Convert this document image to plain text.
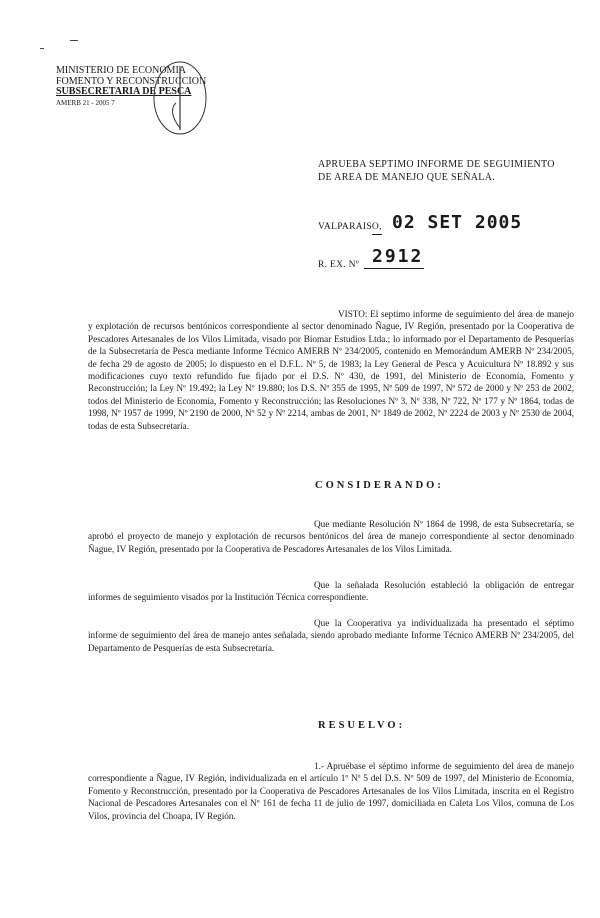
MINISTERIO DE ECONOMIA
FOMENTO Y RECONSTRUCCION
SUBSECRETARIA DE PESCA
AMERB 21 - 2005 7
APRUEBA SEPTIMO INFORME DE SEGUIMIENTO
DE AREA DE MANEJO QUE SEÑALA.
VALPARAISO, 02 SET 2005
R. EX. Nº 2912
VISTO: El septimo informe de seguimiento del área de manejo y explotación de recursos bentónicos correspondiente al sector denominado Ñague, IV Región, presentado por la Cooperativa de Pescadores Artesanales de los Vilos Limitada, visado por Biomar Estudios Ltda.; lo informado por el Departamento de Pesquerías de la Subsecretaría de Pesca mediante Informe Técnico AMERB Nº 234/2005, contenido en Memorándum AMERB Nº 234/2005, de fecha 29 de agosto de 2005; lo dispuesto en el D.F.L. Nº 5, de 1983; la Ley General de Pesca y Acuicultura Nº 18.892 y sus modificaciones cuyo texto refundido fue fijado por el D.S. Nº 430, de 1991, del Ministerio de Economía, Fomento y Reconstrucción; la Ley Nº 19.492; la Ley Nº 19.880; los D.S. Nº 355 de 1995, Nº 509 de 1997, Nº 572 de 2000 y Nº 253 de 2002, todos del Ministerio de Economía, Fomento y Reconstrucción; las Resoluciones Nº 3, Nº 338, Nº 722, Nº 177 y Nº 1864, todas de 1998, Nº 1957 de 1999, Nº 2190 de 2000, Nº 52 y Nº 2214, ambas de 2001, Nº 1849 de 2002, Nº 2224 de 2003 y Nº 2530 de 2004, todas de esta Subsecretaría.
CONSIDERANDO:
Que mediante Resolución Nº 1864 de 1998, de esta Subsecretaría, se aprobó el proyecto de manejo y explotación de recursos bentónicos del área de manejo correspondiente al sector denominado Ñague, IV Región, presentado por la Cooperativa de Pescadores Artesanales de los Vilos Limitada.
Que la señalada Resolución estableció la obligación de entregar informes de seguimiento visados por la Institución Técnica correspondiente.
Que la Cooperativa ya individualizada ha presentado el séptimo informe de seguimiento del área de manejo antes señalada, siendo aprobado mediante Informe Técnico AMERB Nº 234/2005, del Departamento de Pesquerías de esta Subsecretaría.
RESUELVO:
1.- Apruébase el séptimo informe de seguimiento del área de manejo correspondiente a Ñague, IV Región, individualizada en el artículo 1º Nº 5 del D.S. Nº 509 de 1997, del Ministerio de Economía, Fomento y Reconstrucción, presentado por la Cooperativa de Pescadores Artesanales de los Vilos Limitada, inscrita en el Registro Nacional de Pescadores Artesanales con el Nº 161 de fecha 11 de julio de 1997, domiciliada en Caleta Los Vilos, comuna de Los Vilos, provincia del Choapa, IV Región.
